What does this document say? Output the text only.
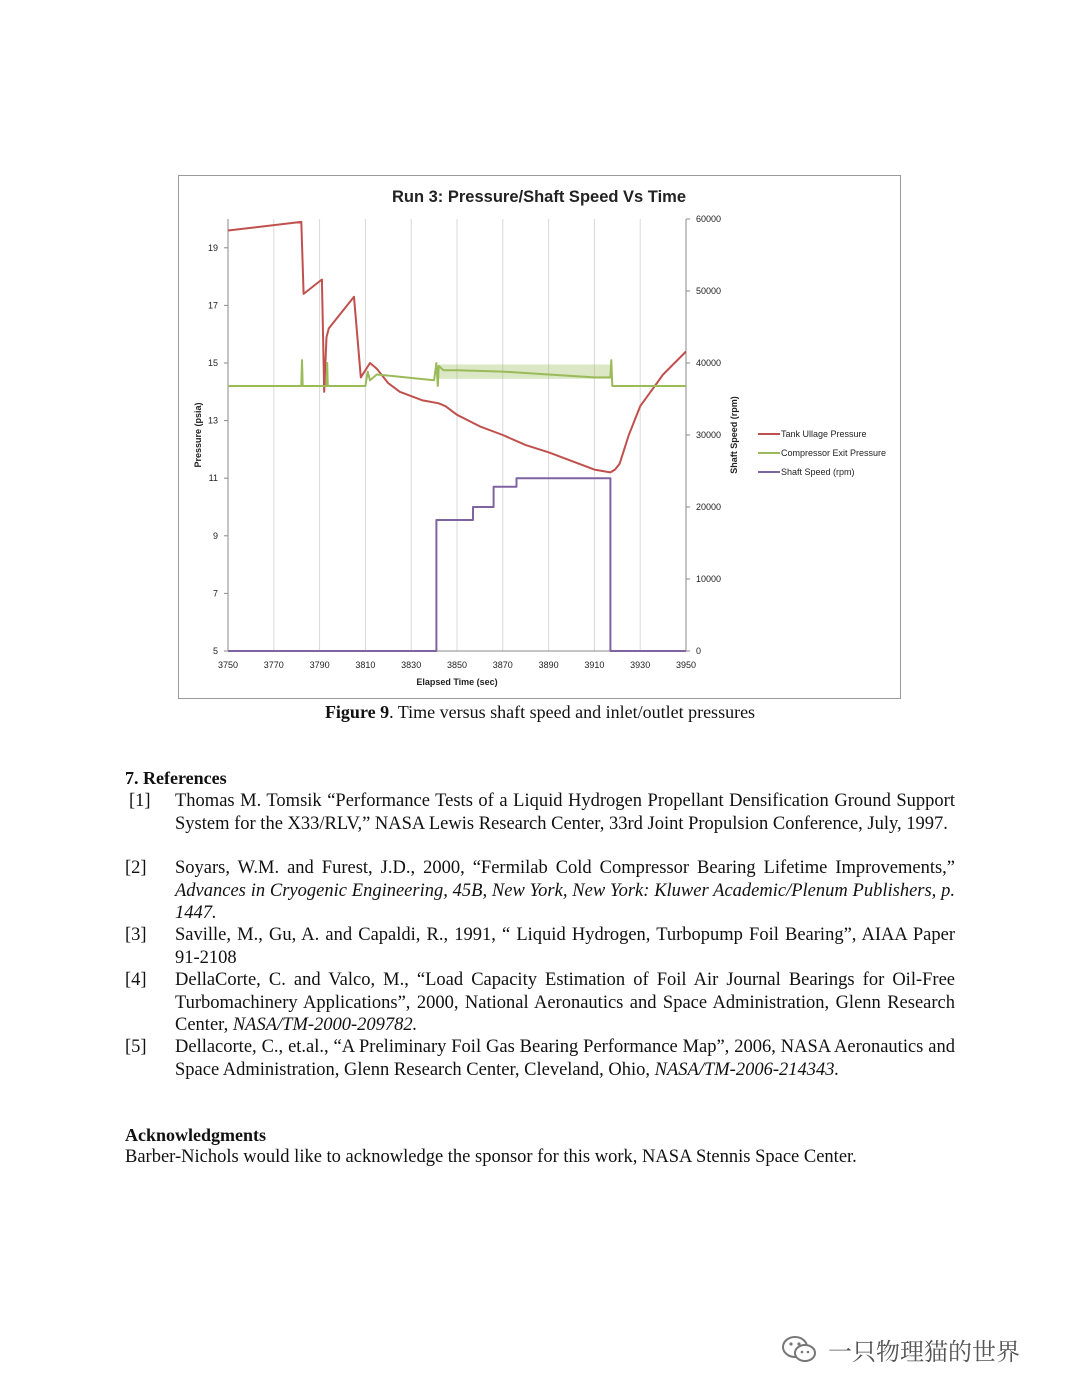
Run 3: Pressure/Shaft Speed Vs Time
3750	3770	3790	3810	3830	3850	3870	3890	3910	3930	3950
5
7
9
11
13
15
17
19
0
10000
20000
30000
40000
50000
60000
Elapsed Time (sec)
Pressure (psia)	Shaft Speed (rpm)	Tank Ullage Pressure
Compressor Exit Pressure
Shaft Speed (rpm)
Figure 9. Time versus shaft speed and inlet/outlet pressures
7. References
[1]	Thomas M. Tomsik “Performance Tests of a Liquid Hydrogen Propellant Densification Ground Support System for the X33/RLV,” NASA Lewis Research Center, 33rd Joint Propulsion Conference, July, 1997.
[2]	Soyars, W.M. and Furest, J.D., 2000, “Fermilab Cold Compressor Bearing Lifetime Improvements,” Advances in Cryogenic Engineering, 45B, New York, New York: Kluwer Academic/Plenum Publishers, p. 1447.
[3]	Saville, M., Gu, A. and Capaldi, R., 1991, “ Liquid Hydrogen, Turbopump Foil Bearing”, AIAA Paper 91-2108
[4]	DellaCorte, C. and Valco, M., “Load Capacity Estimation of Foil Air Journal Bearings for Oil-Free Turbomachinery Applications”, 2000, National Aeronautics and Space Administration, Glenn Research Center, NASA/TM-2000-209782.
[5]	Dellacorte, C., et.al., “A Preliminary Foil Gas Bearing Performance Map”, 2006, NASA Aeronautics and Space Administration, Glenn Research Center, Cleveland, Ohio, NASA/TM-2006-214343.
Acknowledgments
Barber-Nichols would like to acknowledge the sponsor for this work, NASA Stennis Space Center.
一只物理猫的世界
